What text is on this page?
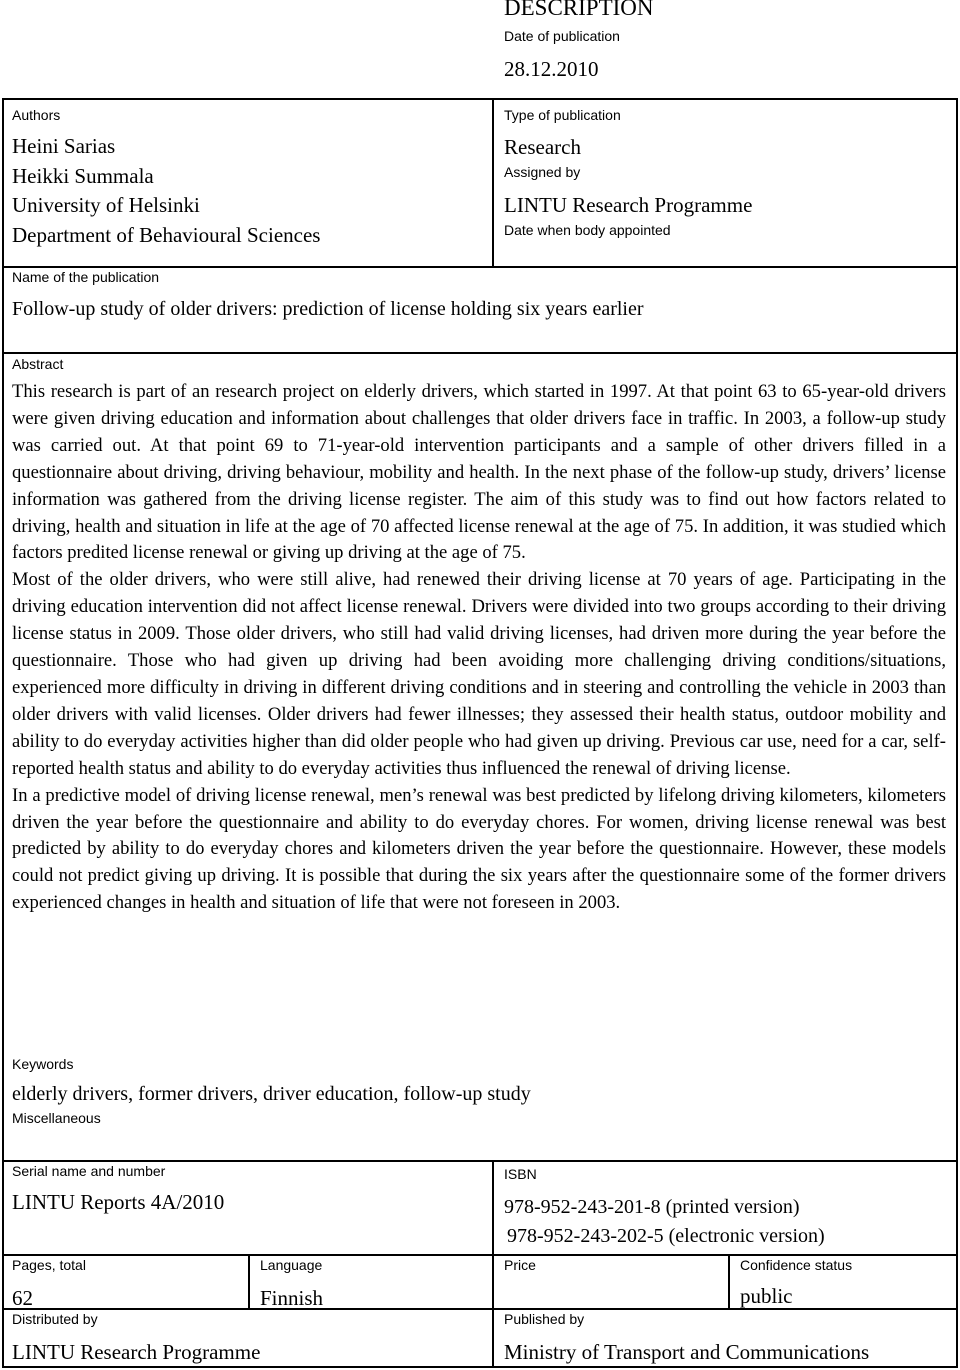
DESCRIPTION
Date of publication
28.12.2010
Authors
Heini Sarias
Heikki Summala
University of Helsinki
Department of Behavioural Sciences
Type of publication
Research
Assigned by
LINTU Research Programme
Date when body appointed
Name of the publication
Follow-up study of older drivers: prediction of license holding six years earlier
Abstract

This research is part of an research project on elderly drivers, which started in 1997. At that point 63 to 65-year-old drivers were given driving education and information about challenges that older drivers face in traffic. In 2003, a follow-up study was carried out. At that point 69 to 71-year-old intervention participants and a sample of other drivers filled in a questionnaire about driving, driving behaviour, mobility and health. In the next phase of the follow-up study, drivers’ license information was gathered from the driving license register. The aim of this study was to find out how factors related to driving, health and situation in life at the age of 70 affected license renewal at the age of 75. In addition, it was studied which factors predited license renewal or giving up driving at the age of 75.

Most of the older drivers, who were still alive, had renewed their driving license at 70 years of age. Participating in the driving education intervention did not affect license renewal. Drivers were divided into two groups according to their driving license status in 2009. Those older drivers, who still had valid driving licenses, had driven more during the year before the questionnaire. Those who had given up driving had been avoiding more challenging driving conditions/situations, experienced more difficulty in driving in different driving conditions and in steering and controlling the vehicle in 2003 than older drivers with valid licenses. Older drivers had fewer illnesses; they assessed their health status, outdoor mobility and ability to do everyday activities higher than did older people who had given up driving. Previous car use, need for a car, self-reported health status and ability to do everyday activities thus influenced the renewal of driving license.

In a predictive model of driving license renewal, men’s renewal was best predicted by lifelong driving kilometers, kilometers driven the year before the questionnaire and ability to do everyday chores. For women, driving license renewal was best predicted by ability to do everyday chores and kilometers driven the year before the questionnaire. However, these models could not predict giving up driving. It is possible that during the six years after the questionnaire some of the former drivers experienced changes in health and situation of life that were not foreseen in 2003.

Keywords
elderly drivers, former drivers, driver education, follow-up study
Miscellaneous
Serial name and number
LINTU Reports 4A/2010
ISBN
978-952-243-201-8 (printed version)
978-952-243-202-5 (electronic version)
Pages, total
62
Language
Finnish
Price	Confidence status
public
Distributed by
LINTU Research Programme
Published by
Ministry of Transport and Communications
